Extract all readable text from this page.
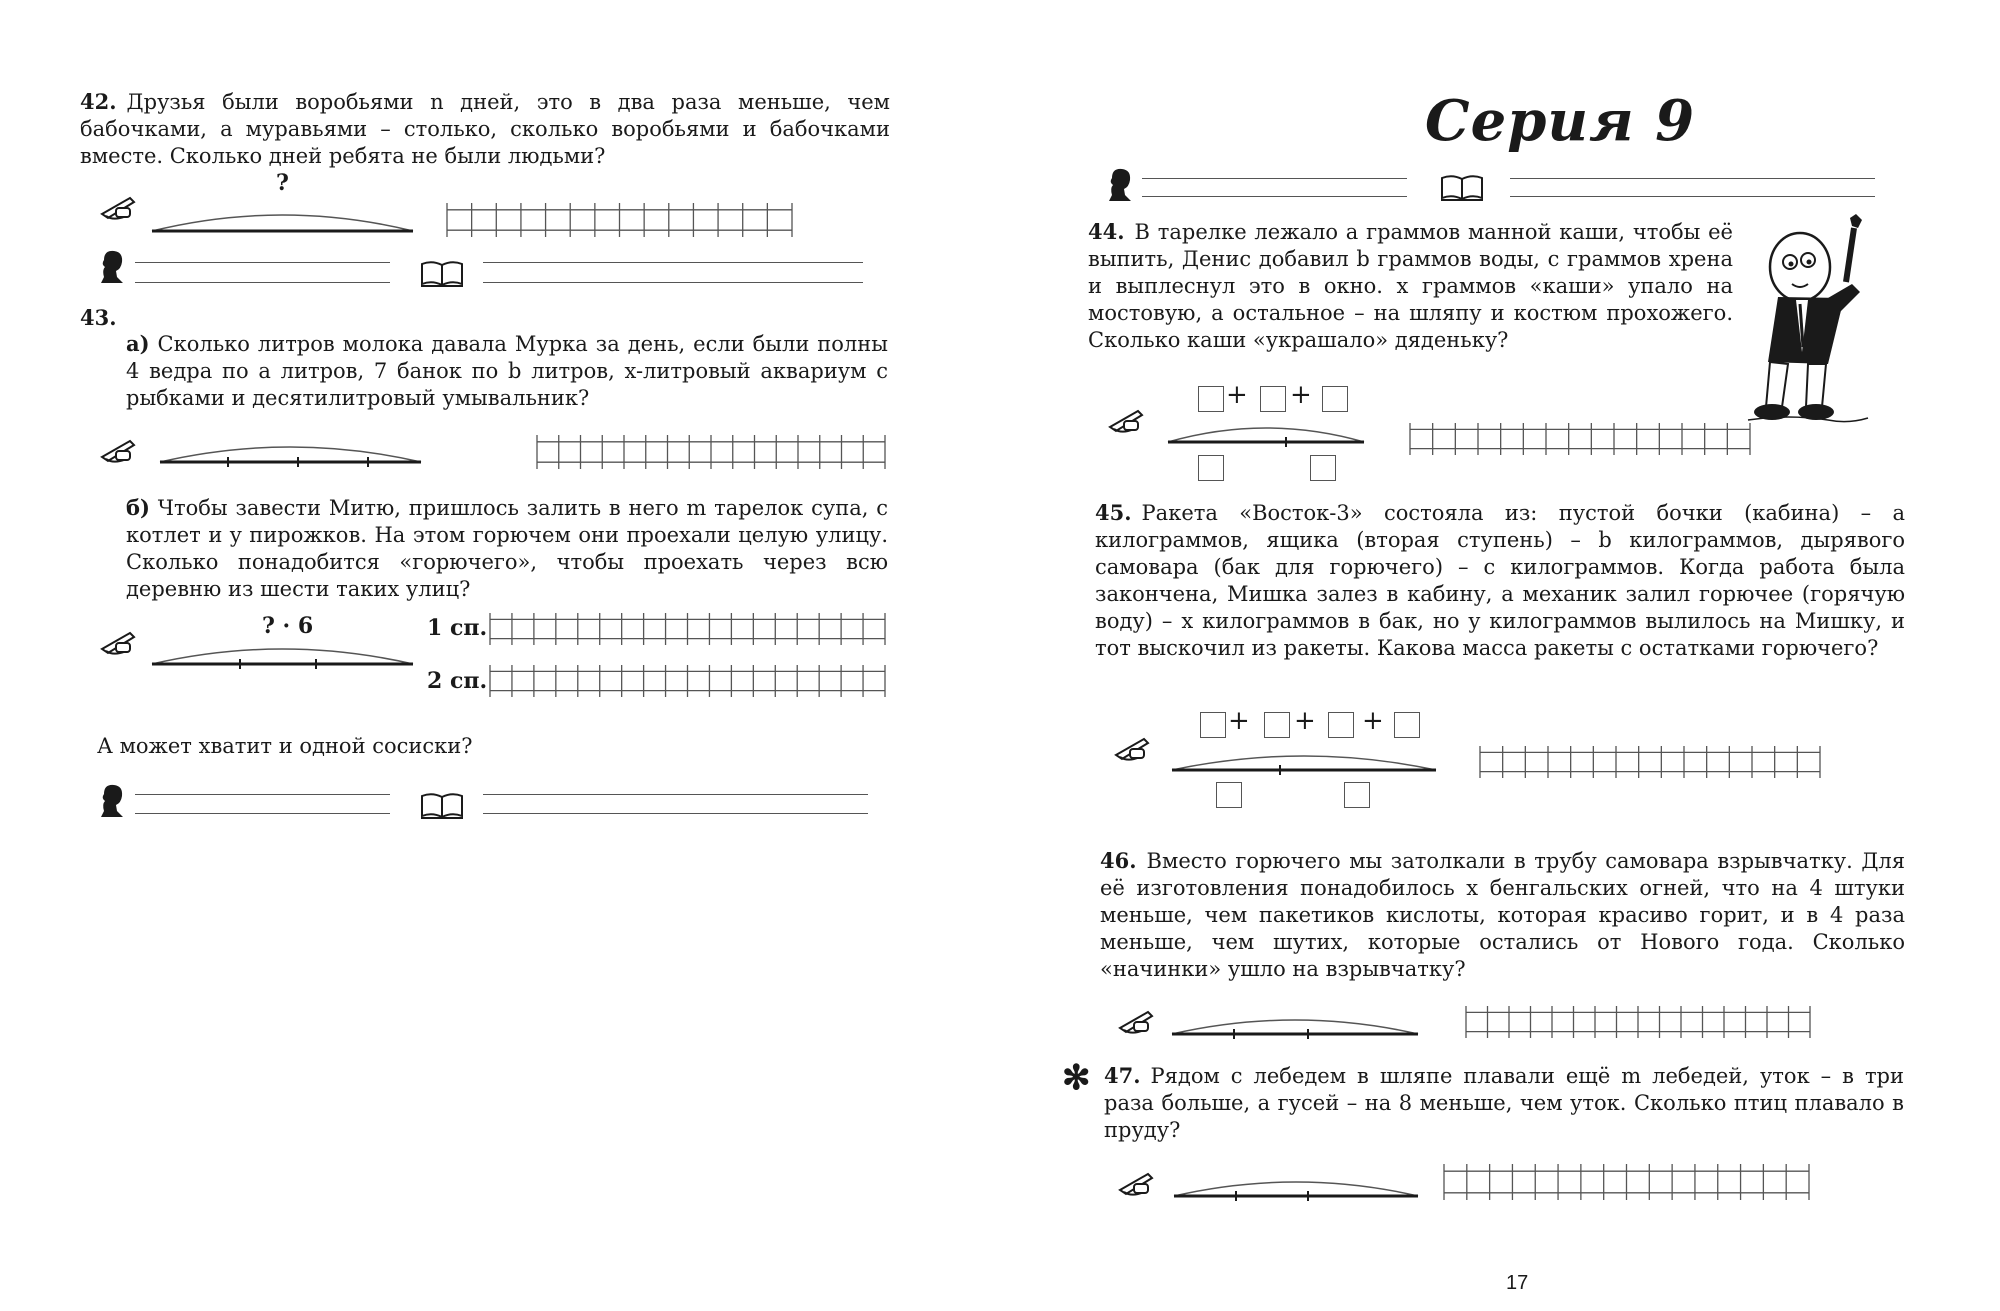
42. Друзья были воробьями n дней, это в два раза меньше, чем бабочками, а муравьями – столько, сколько воробьями и бабочками вместе. Сколько дней ребята не были людьми?
?
43.
а) Сколько литров молока давала Мурка за день, если были полны 4 ведра по a литров, 7 банок по b литров, x-литровый аквариум с рыбками и десятилитровый умывальник?
б) Чтобы завести Митю, пришлось залить в него m тарелок супа, c котлет и y пирожков. На этом горючем они проехали целую улицу. Сколько понадобится «горючего», чтобы проехать через всю деревню из шести таких улиц?
? · 6	1 сп.
2 сп.
А может хватит и одной сосиски?
Серия 9
44. В тарелке лежало a граммов манной каши, чтобы её выпить, Денис добавил b граммов воды, c граммов хрена и выплеснул это в окно. x граммов «каши» упало на мостовую, а остальное – на шляпу и костюм прохожего. Сколько каши «украшало» дяденьку?
+ +
45. Ракета «Восток-3» состояла из: пустой бочки (кабина) – a килограммов, ящика (вторая ступень) – b килограммов, дырявого самовара (бак для горючего) – c килограммов. Когда работа была закончена, Мишка залез в кабину, а механик залил горючее (горячую воду) – x килограммов в бак, но y килограммов вылилось на Мишку, и тот выскочил из ракеты. Какова масса ракеты с остатками горючего?
+ + +
46. Вместо горючего мы затолкали в трубу самовара взрывчатку. Для её изготовления понадобилось x бенгальских огней, что на 4 штуки меньше, чем пакетиков кислоты, которая красиво горит, и в 4 раза меньше, чем шутих, которые остались от Нового года. Сколько «начинки» ушло на взрывчатку?
✻ 47. Рядом с лебедем в шляпе плавали ещё m лебедей, уток – в три раза больше, а гусей – на 8 меньше, чем уток. Сколько птиц плавало в пруду?
17
